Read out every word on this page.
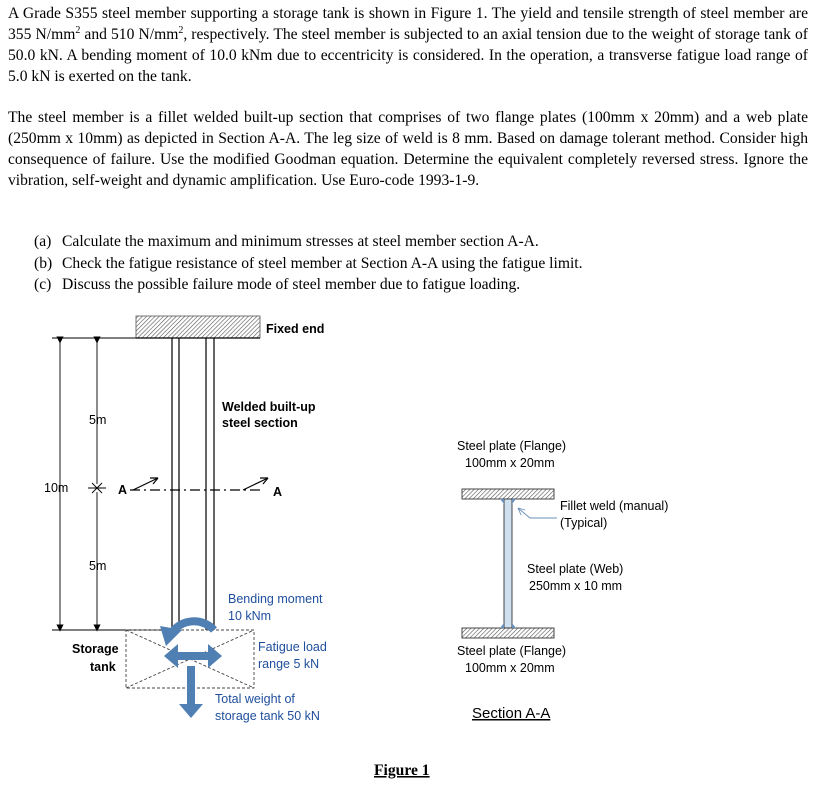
A Grade S355 steel member supporting a storage tank is shown in Figure 1. The yield and tensile strength of steel member are 355 $N/mm^2$ and 510 $N/mm^2$, respectively. The steel member is subjected to an axial tension due to the weight of storage tank of 50.0 kN. A bending moment of 10.0 kNm due to eccentricity is considered. In the operation, a transverse fatigue load range of 5.0 kN is exerted on the tank.

The steel member is a fillet welded built-up section that comprises of two flange plates (100mm x 20mm) and a web plate (250mm x 10mm) as depicted in Section A-A. The leg size of weld is 8 mm. Based on damage tolerant method. Consider high consequence of failure. Use the modified Goodman equation. Determine the equivalent completely reversed stress. Ignore the vibration, self-weight and dynamic amplification. Use Euro-code 1993-1-9.

(a) Calculate the maximum and minimum stresses at steel member section A-A.
(b) Check the fatigue resistance of steel member at Section A-A using the fatigue limit.
(c) Discuss the possible failure mode of steel member due to fatigue loading.
Fixed end
Welded built-up
steel section
5m
5m
10m	A	A
Storage
tank
Bending moment
10 kNm
Fatigue load
range 5 kN
Total weight of
storage tank 50 kN
Steel plate (Flange)
100mm x 20mm
Fillet weld (manual)
(Typical)
Steel plate (Web)
250mm x 10 mm
Steel plate (Flange)
100mm x 20mm
Section A-A
Figure 1
